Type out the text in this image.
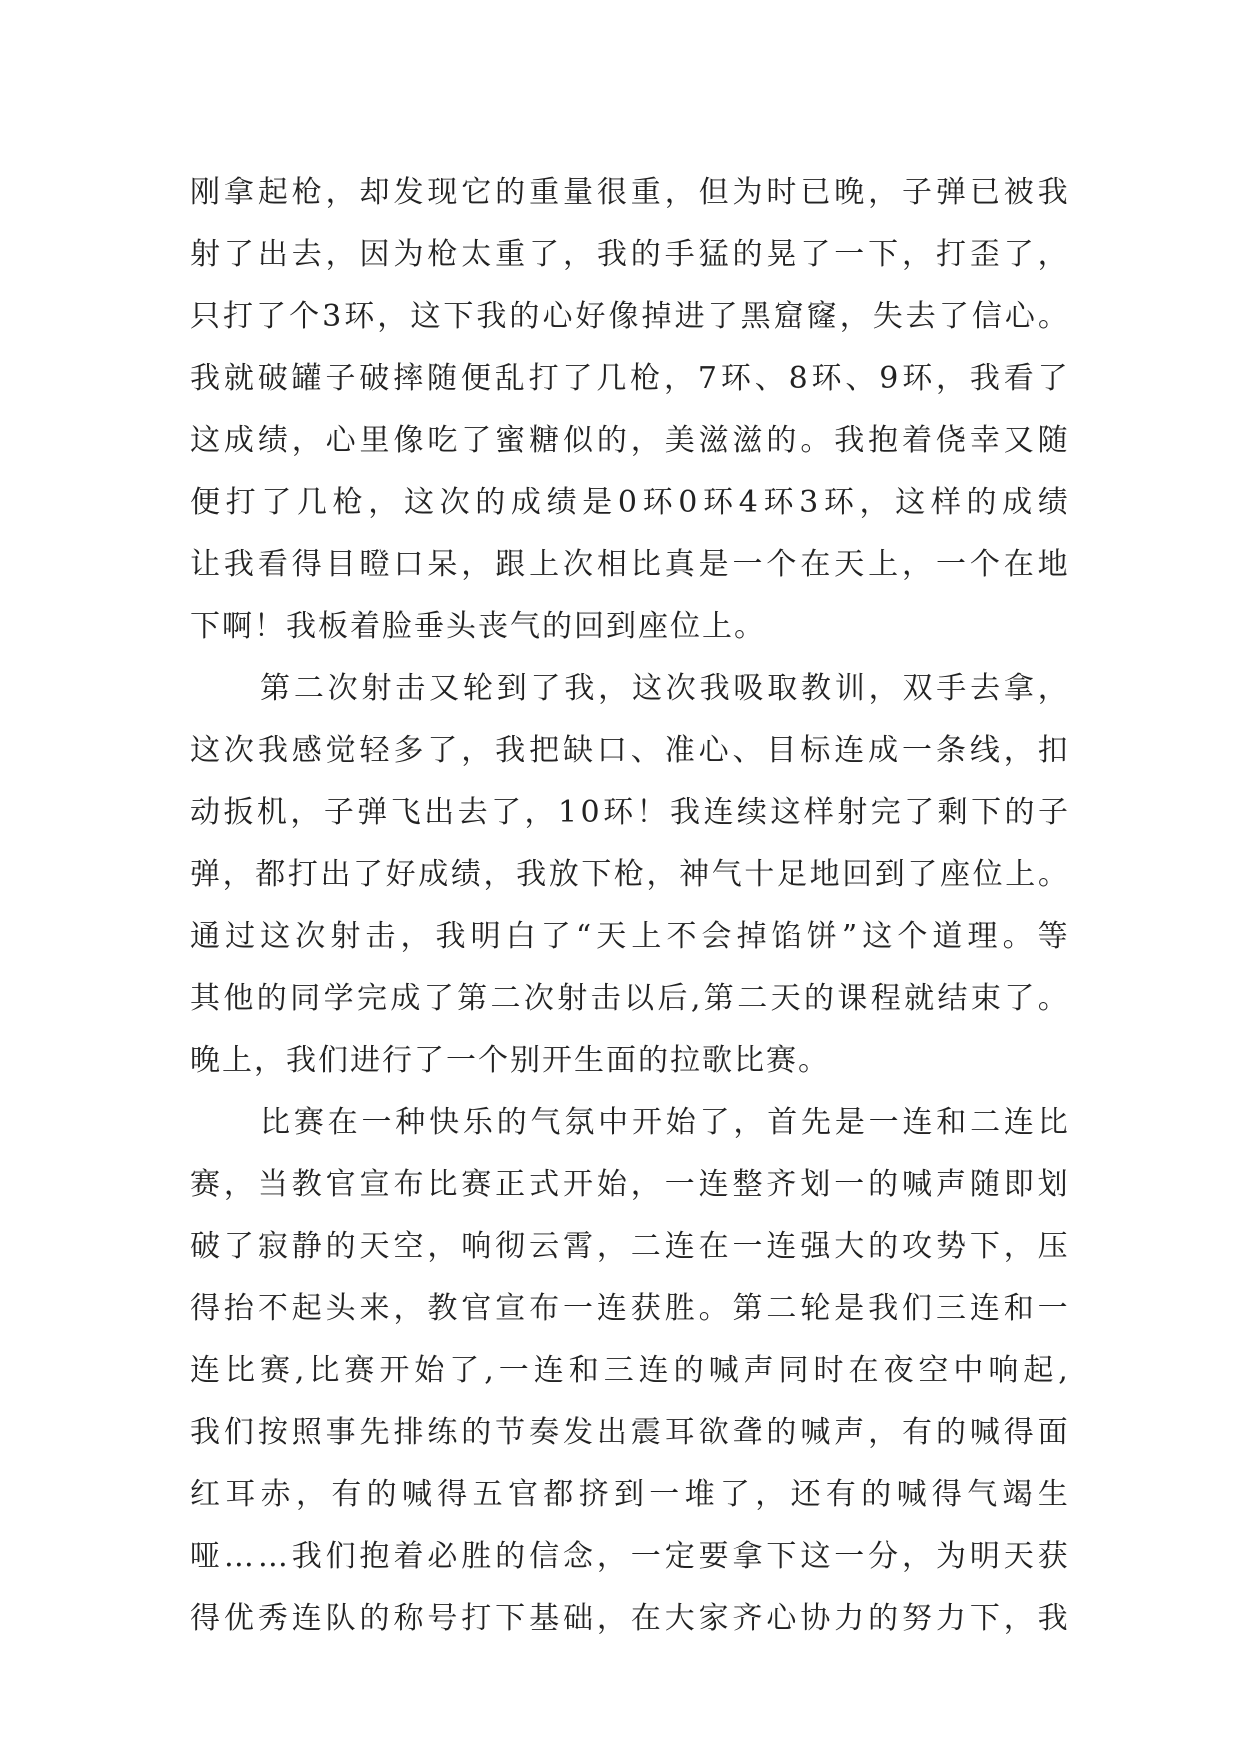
刚 拿 起 枪 ， 却 发 现 它 的 重 量 很 重 ， 但 为 时 已 晚 ， 子 弹 已 被 我
射 了 出 去 ， 因 为 枪 太 重 了 ， 我 的 手 猛 的 晃 了 一 下 ， 打 歪 了 ，
只 打 了 个 3 环 ， 这 下 我 的 心 好 像 掉 进 了 黑 窟 窿 ， 失 去 了 信 心 。
我 就 破 罐 子 破 摔 随 便 乱 打 了 几 枪 ， 7 环 、 8 环 、 9 环 ， 我 看 了
这 成 绩 ， 心 里 像 吃 了 蜜 糖 似 的 ， 美 滋 滋 的 。 我 抱 着 侥 幸 又 随
便 打 了 几 枪 ， 这 次 的 成 绩 是 0 环 0 环 4 环 3 环 ， 这 样 的 成 绩
让 我 看 得 目 瞪 口 呆 ， 跟 上 次 相 比 真 是 一 个 在 天 上 ， 一 个 在 地
下 啊 ！ 我 板 着 脸 垂 头 丧 气 的 回 到 座 位 上 。
第 二 次 射 击 又 轮 到 了 我 ， 这 次 我 吸 取 教 训 ， 双 手 去 拿 ，
这 次 我 感 觉 轻 多 了 ， 我 把 缺 口 、 准 心 、 目 标 连 成 一 条 线 ， 扣
动 扳 机 ， 子 弹 飞 出 去 了 ， 1 0 环 ！ 我 连 续 这 样 射 完 了 剩 下 的 子
弹 ， 都 打 出 了 好 成 绩 ， 我 放 下 枪 ， 神 气 十 足 地 回 到 了 座 位 上 。
通 过 这 次 射 击 ， 我 明 白 了 “ 天 上 不 会 掉 馅 饼 ” 这 个 道 理 。 等
其 他 的 同 学 完 成 了 第 二 次 射 击 以 后 , 第 二 天 的 课 程 就 结 束 了 。
晚 上 ， 我 们 进 行 了 一 个 别 开 生 面 的 拉 歌 比 赛 。
比 赛 在 一 种 快 乐 的 气 氛 中 开 始 了 ， 首 先 是 一 连 和 二 连 比
赛 ， 当 教 官 宣 布 比 赛 正 式 开 始 ， 一 连 整 齐 划 一 的 喊 声 随 即 划
破 了 寂 静 的 天 空 ， 响 彻 云 霄 ， 二 连 在 一 连 强 大 的 攻 势 下 ， 压
得 抬 不 起 头 来 ， 教 官 宣 布 一 连 获 胜 。 第 二 轮 是 我 们 三 连 和 一
连 比 赛 , 比 赛 开 始 了 , 一 连 和 三 连 的 喊 声 同 时 在 夜 空 中 响 起 ,
我 们 按 照 事 先 排 练 的 节 奏 发 出 震 耳 欲 聋 的 喊 声 ， 有 的 喊 得 面
红 耳 赤 ， 有 的 喊 得 五 官 都 挤 到 一 堆 了 ， 还 有 的 喊 得 气 竭 生
哑 … … 我 们 抱 着 必 胜 的 信 念 ， 一 定 要 拿 下 这 一 分 ， 为 明 天 获
得 优 秀 连 队 的 称 号 打 下 基 础 ， 在 大 家 齐 心 协 力 的 努 力 下 ， 我
